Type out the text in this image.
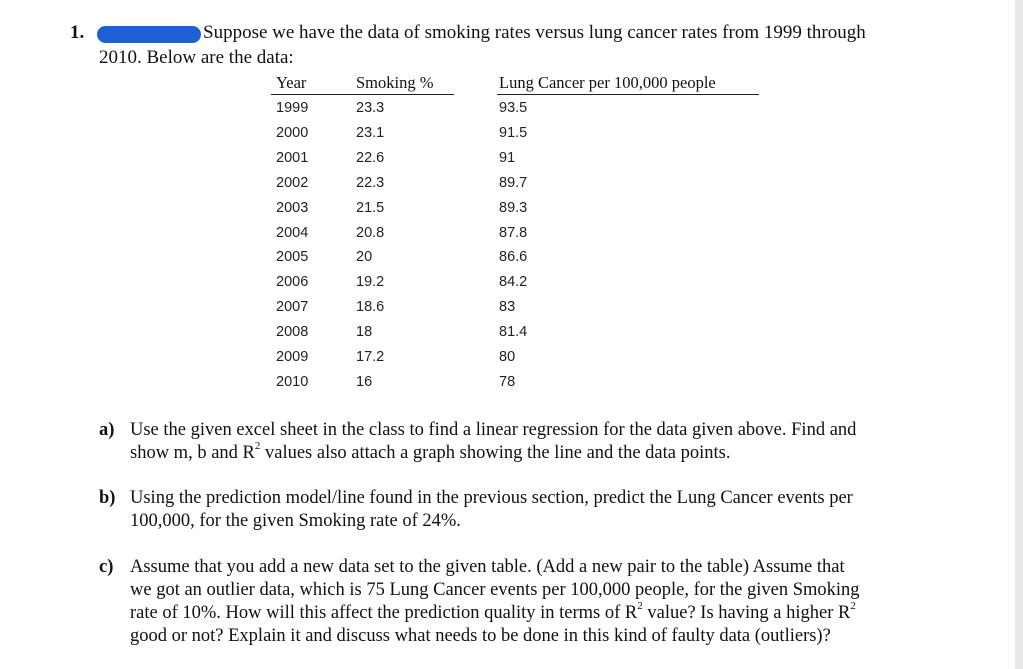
1.	Suppose we have the data of smoking rates versus lung cancer rates from 1999 through
2010. Below are the data:
Year	Smoking %	Lung Cancer per 100,000 people
1999	23.3	93.5
2000	23.1	91.5
2001	22.6	91
2002	22.3	89.7
2003	21.5	89.3
2004	20.8	87.8
2005	20	86.6
2006	19.2	84.2
2007	18.6	83
2008	18	81.4
2009	17.2	80
2010	16	78
a) Use the given excel sheet in the class to find a linear regression for the data given above. Find and
show m, b and $R^2$ values also attach a graph showing the line and the data points.
b) Using the prediction model/line found in the previous section, predict the Lung Cancer events per
100,000, for the given Smoking rate of 24%.
c) Assume that you add a new data set to the given table. (Add a new pair to the table) Assume that
we got an outlier data, which is 75 Lung Cancer events per 100,000 people, for the given Smoking
rate of 10%. How will this affect the prediction quality in terms of $R^2$ value? Is having a higher $R^2$
good or not? Explain it and discuss what needs to be done in this kind of faulty data (outliers)?
